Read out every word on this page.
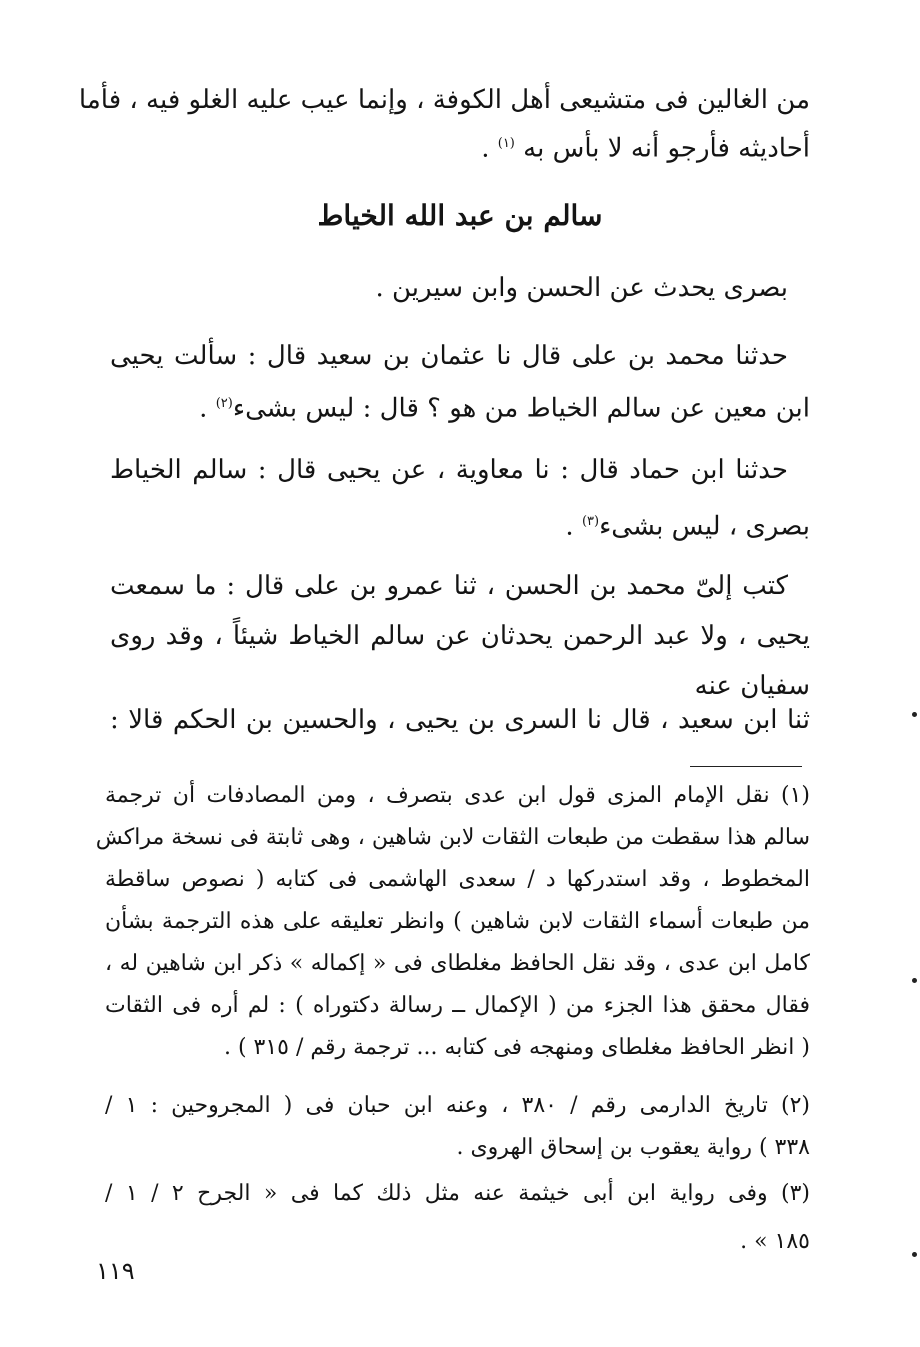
من الغالين فى متشيعى أهل الكوفة ، وإنما عيب عليه الغلو فيه ، فأما
أحاديثه فأرجو أنه لا بأس به $^{(١)}$ .
سالم بن عبد الله الخياط
بصرى يحدث عن الحسن وابن سيرين .
حدثنا محمد بن على قال نا عثمان بن سعيد قال : سألت يحيى
ابن معين عن سالم الخياط من هو ؟ قال : ليس بشىء$^{(٢)}$ .
حدثنا ابن حماد قال : نا معاوية ، عن يحيى قال : سالم الخياط
بصرى ، ليس بشىء$^{(٣)}$ .
كتب إلىّ محمد بن الحسن ، ثنا عمرو بن على قال : ما سمعت
يحيى ، ولا عبد الرحمن يحدثان عن سالم الخياط شيئاً ، وقد روى
سفيان عنه
ثنا ابن سعيد ، قال نا السرى بن يحيى ، والحسين بن الحكم قالا :
(١) نقل الإمام المزى قول ابن عدى بتصرف ، ومن المصادفات أن ترجمة
سالم هذا سقطت من طبعات الثقات لابن شاهين ، وهى ثابتة فى نسخة مراكش
المخطوط ، وقد استدركها د / سعدى الهاشمى فى كتابه ( نصوص ساقطة
من طبعات أسماء الثقات لابن شاهين ) وانظر تعليقه على هذه الترجمة بشأن
كامل ابن عدى ، وقد نقل الحافظ مغلطاى فى « إكماله » ذكر ابن شاهين له ،
فقال محقق هذا الجزء من ( الإكمال ــ رسالة دكتوراه ) : لم أره فى الثقات
( انظر الحافظ مغلطاى ومنهجه فى كتابه ... ترجمة رقم / ٣١٥ ) .
(٢) تاريخ الدارمى رقم / ٣٨٠ ، وعنه ابن حبان فى ( المجروحين : ١ /
٣٣٨ ) رواية يعقوب بن إسحاق الهروى .
(٣) وفى رواية ابن أبى خيثمة عنه مثل ذلك كما فى « الجرح ٢ / ١ /
١٨٥ » .
١١٩
